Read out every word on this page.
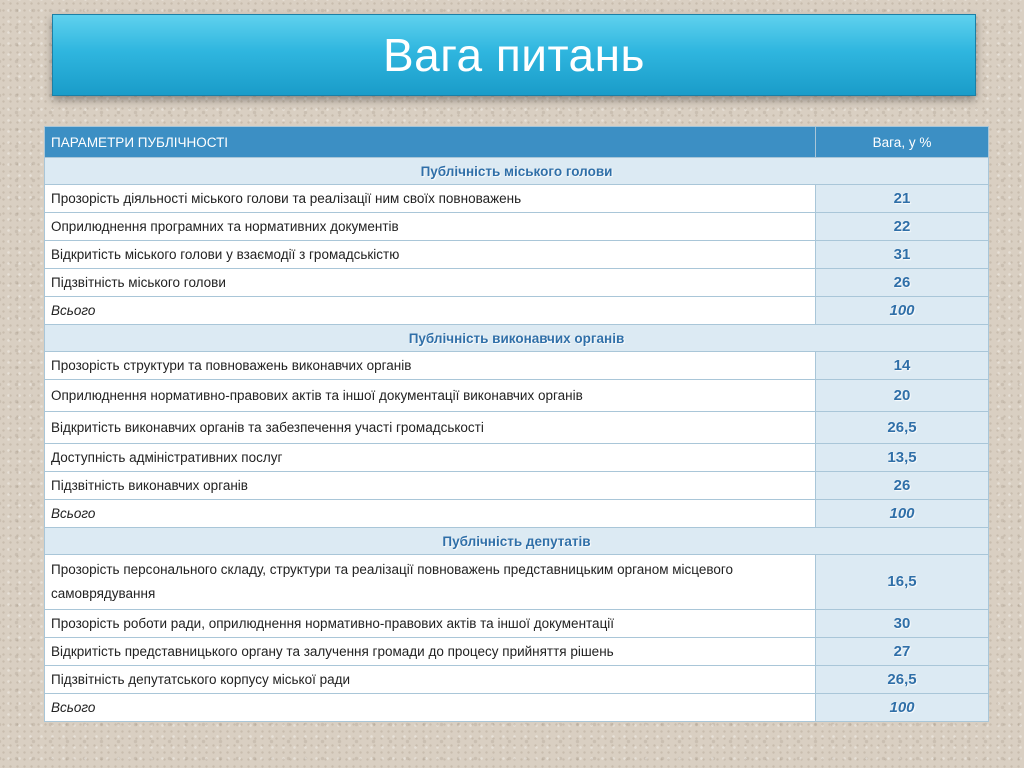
Вага питань
ПАРАМЕТРИ ПУБЛІЧНОСТІ	Вага, у %
Публічність міського голови	
Прозорість діяльності міського голови та реалізації ним своїх повноважень	21
Оприлюднення програмних та нормативних документів	22
Відкритість міського голови у взаємодії з громадськістю	31
Підзвітність міського голови	26
Всього	100
Публічність виконавчих органів	
Прозорість структури та повноважень виконавчих органів	14
Оприлюднення нормативно-правових актів та іншої документації виконавчих органів	20
Відкритість виконавчих органів та забезпечення участі громадськості	26,5
Доступність адміністративних послуг	13,5
Підзвітність виконавчих органів	26
Всього	100
Публічність депутатів	
Прозорість персонального складу, структури та реалізації повноважень представницьким органом місцевого самоврядування	16,5
Прозорість роботи ради, оприлюднення нормативно-правових актів та іншої документації	30
Відкритість представницького органу та залучення громади до процесу прийняття рішень	27
Підзвітність депутатського корпусу міської ради	26,5
Всього	100
